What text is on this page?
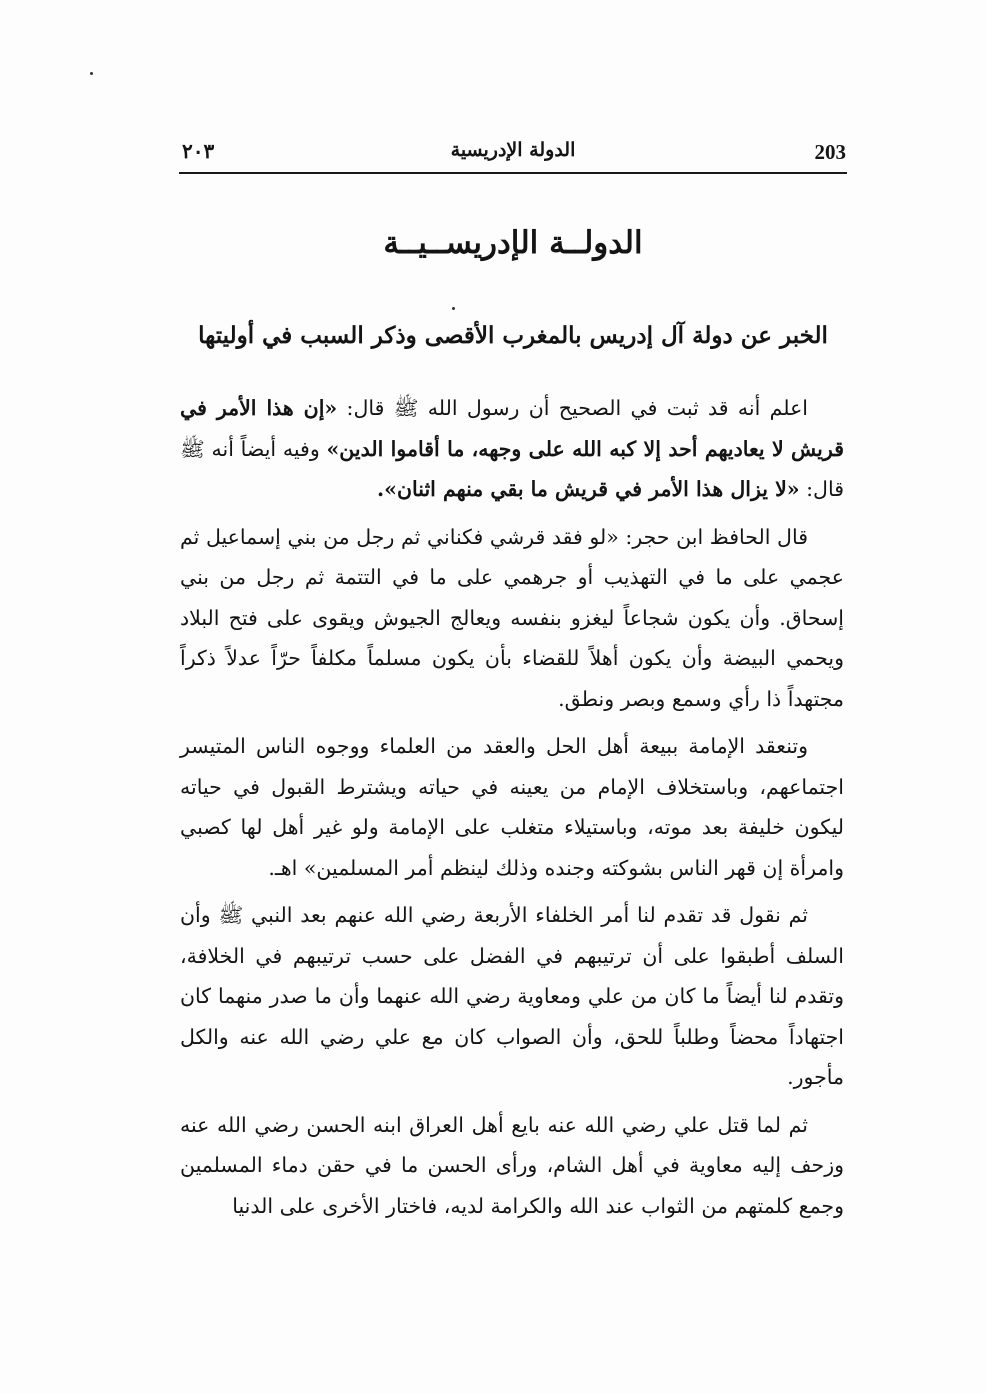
203
الدولة الإدريسية
٢٠٣
الدولــة الإدريســيــة
الخبر عن دولة آل إدريس بالمغرب الأقصى وذكر السبب في أوليتها

اعلم أنه قد ثبت في الصحيح أن رسول الله ﷺ قال: «إن هذا الأمر في قريش لا يعاديهم أحد إلا كبه الله على وجهه، ما أقاموا الدين» وفيه أيضاً أنه ﷺ قال: «لا يزال هذا الأمر في قريش ما بقي منهم اثنان».

قال الحافظ ابن حجر: «لو فقد قرشي فكناني ثم رجل من بني إسماعيل ثم عجمي على ما في التهذيب أو جرهمي على ما في التتمة ثم رجل من بني إسحاق. وأن يكون شجاعاً ليغزو بنفسه ويعالج الجيوش ويقوى على فتح البلاد ويحمي البيضة وأن يكون أهلاً للقضاء بأن يكون مسلماً مكلفاً حرّاً عدلاً ذكراً مجتهداً ذا رأي وسمع وبصر ونطق.

وتنعقد الإمامة ببيعة أهل الحل والعقد من العلماء ووجوه الناس المتيسر اجتماعهم، وباستخلاف الإمام من يعينه في حياته ويشترط القبول في حياته ليكون خليفة بعد موته، وباستيلاء متغلب على الإمامة ولو غير أهل لها كصبي وامرأة إن قهر الناس بشوكته وجنده وذلك لينظم أمر المسلمين» اهـ.

ثم نقول قد تقدم لنا أمر الخلفاء الأربعة رضي الله عنهم بعد النبي ﷺ وأن السلف أطبقوا على أن ترتيبهم في الفضل على حسب ترتيبهم في الخلافة، وتقدم لنا أيضاً ما كان من علي ومعاوية رضي الله عنهما وأن ما صدر منهما كان اجتهاداً محضاً وطلباً للحق، وأن الصواب كان مع علي رضي الله عنه والكل مأجور.

ثم لما قتل علي رضي الله عنه بايع أهل العراق ابنه الحسن رضي الله عنه وزحف إليه معاوية في أهل الشام، ورأى الحسن ما في حقن دماء المسلمين وجمع كلمتهم من الثواب عند الله والكرامة لديه، فاختار الأخرى على الدنيا
